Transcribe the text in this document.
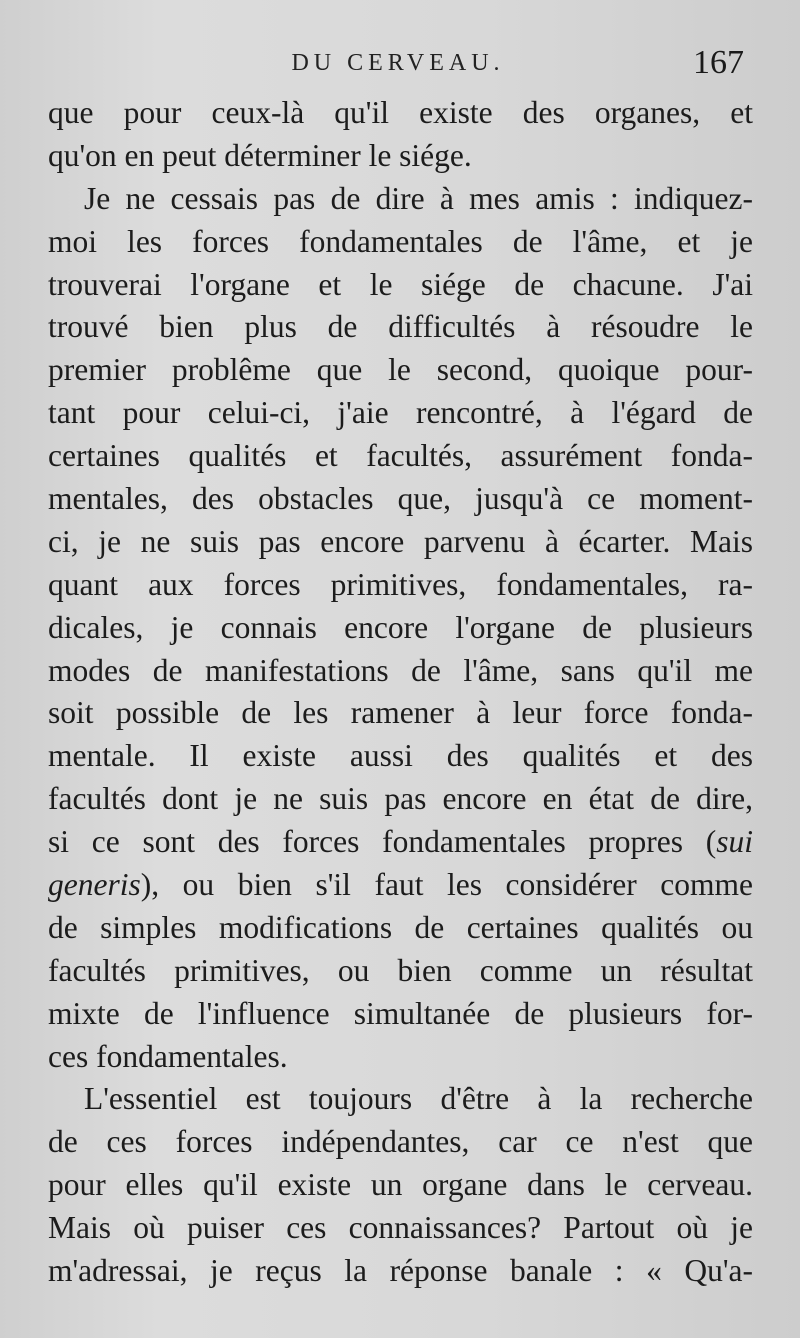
DU CERVEAU.	167
que pour ceux-là qu'il existe des organes, et
qu'on en peut déterminer le siége.
Je ne cessais pas de dire à mes amis : indiquez-
moi les forces fondamentales de l'âme, et je
trouverai l'organe et le siége de chacune. J'ai
trouvé bien plus de difficultés à résoudre le
premier problême que le second, quoique pour-
tant pour celui-ci, j'aie rencontré, à l'égard de
certaines qualités et facultés, assurément fonda-
mentales, des obstacles que, jusqu'à ce moment-
ci, je ne suis pas encore parvenu à écarter. Mais
quant aux forces primitives, fondamentales, ra-
dicales, je connais encore l'organe de plusieurs
modes de manifestations de l'âme, sans qu'il me
soit possible de les ramener à leur force fonda-
mentale. Il existe aussi des qualités et des
facultés dont je ne suis pas encore en état de dire,
si ce sont des forces fondamentales propres (sui
generis), ou bien s'il faut les considérer comme
de simples modifications de certaines qualités ou
facultés primitives, ou bien comme un résultat
mixte de l'influence simultanée de plusieurs for-
ces fondamentales.
L'essentiel est toujours d'être à la recherche
de ces forces indépendantes, car ce n'est que
pour elles qu'il existe un organe dans le cerveau.
Mais où puiser ces connaissances? Partout où je
m'adressai, je reçus la réponse banale : « Qu'a-
